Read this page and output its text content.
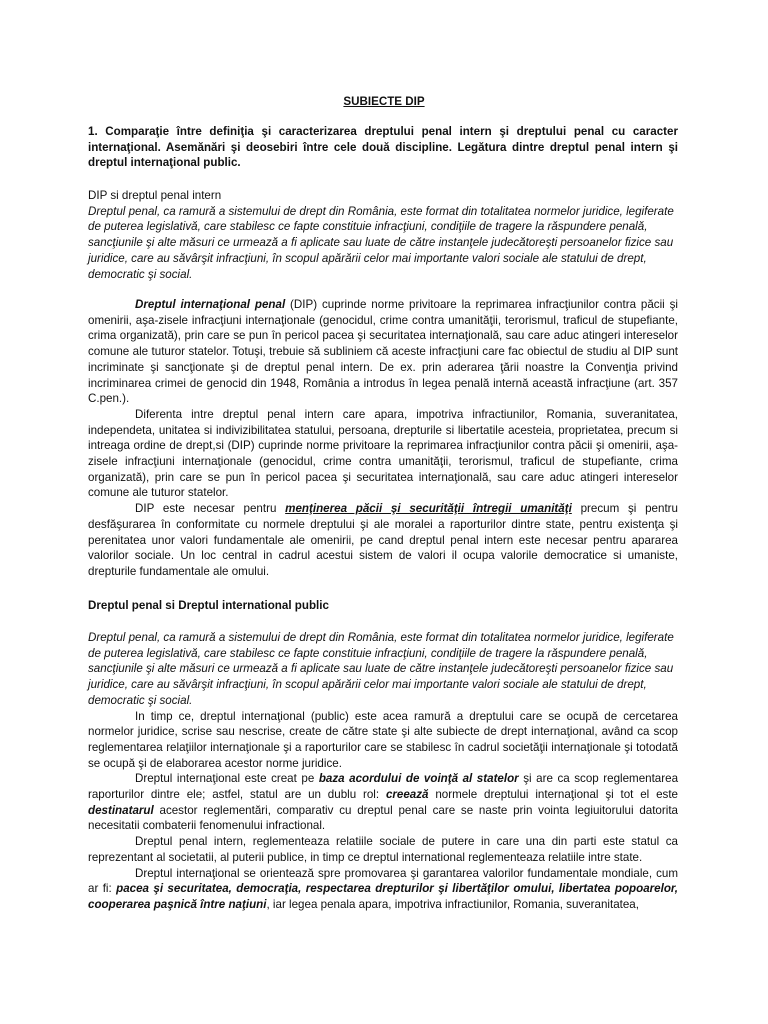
SUBIECTE DIP
1. Comparaţie între definiţia şi caracterizarea dreptului penal intern şi dreptului penal cu caracter internaţional. Asemănări şi deosebiri între cele două discipline. Legătura dintre dreptul penal intern şi dreptul internaţional public.

DIP si dreptul penal intern

Dreptul penal, ca ramură a sistemului de drept din România, este format din totalitatea normelor juridice, legiferate de puterea legislativă, care stabilesc ce fapte constituie infracţiuni, condiţiile de tragere la răspundere penală, sancţiunile şi alte măsuri ce urmează a fi aplicate sau luate de către instanţele judecătoreşti persoanelor fizice sau juridice, care au săvârşit infracţiuni, în scopul apărării celor mai importante valori sociale ale statului de drept, democratic şi social.

Dreptul internaţional penal (DIP) cuprinde norme privitoare la reprimarea infracţiunilor contra păcii şi omenirii, aşa-zisele infracţiuni internaţionale (genocidul, crime contra umanităţii, terorismul, traficul de stupefiante, crima organizată), prin care se pun în pericol pacea şi securitatea internaţională, sau care aduc atingeri intereselor comune ale tuturor statelor. Totuşi, trebuie să subliniem că aceste infracţiuni care fac obiectul de studiu al DIP sunt incriminate şi sancţionate şi de dreptul penal intern. De ex. prin aderarea ţării noastre la Convenţia privind incriminarea crimei de genocid din 1948, România a introdus în legea penală internă această infracţiune (art. 357 C.pen.).

Diferenta intre dreptul penal intern care apara, impotriva infractiunilor, Romania, suveranitatea, independeta, unitatea si indivizibilitatea statului, persoana, drepturile si libertatile acesteia, proprietatea, precum si intreaga ordine de drept,si (DIP) cuprinde norme privitoare la reprimarea infracţiunilor contra păcii şi omenirii, aşa-zisele infracţiuni internaţionale (genocidul, crime contra umanităţii, terorismul, traficul de stupefiante, crima organizată), prin care se pun în pericol pacea şi securitatea internaţională, sau care aduc atingeri intereselor comune ale tuturor statelor.

DIP este necesar pentru menţinerea păcii şi securităţii întregii umanităţi precum şi pentru desfăşurarea în conformitate cu normele dreptului şi ale moralei a raporturilor dintre state, pentru existenţa şi perenitatea unor valori fundamentale ale omenirii, pe cand dreptul penal intern este necesar pentru apararea valorilor sociale. Un loc central in cadrul acestui sistem de valori il ocupa valorile democratice si umaniste, drepturile fundamentale ale omului.

Dreptul penal si Dreptul international public

Dreptul penal, ca ramură a sistemului de drept din România, este format din totalitatea normelor juridice, legiferate de puterea legislativă, care stabilesc ce fapte constituie infracţiuni, condiţiile de tragere la răspundere penală, sancţiunile şi alte măsuri ce urmează a fi aplicate sau luate de către instanţele judecătoreşti persoanelor fizice sau juridice, care au săvârşit infracţiuni, în scopul apărării celor mai importante valori sociale ale statului de drept, democratic şi social.

In timp ce, dreptul internaţional (public) este acea ramură a dreptului care se ocupă de cercetarea normelor juridice, scrise sau nescrise, create de către state şi alte subiecte de drept internaţional, având ca scop reglementarea relaţiilor internaţionale şi a raporturilor care se stabilesc în cadrul societăţii internaţionale şi totodată se ocupă şi de elaborarea acestor norme juridice.

Dreptul internaţional este creat pe baza acordului de voinţă al statelor şi are ca scop reglementarea raporturilor dintre ele; astfel, statul are un dublu rol: creează normele dreptului internaţional şi tot el este destinatarul acestor reglementări, comparativ cu dreptul penal care se naste prin vointa legiuitorului datorita necesitatii combaterii fenomenului infractional.

Dreptul penal intern, reglementeaza relatiile sociale de putere in care una din parti este statul ca reprezentant al societatii, al puterii publice, in timp ce dreptul international reglementeaza relatiile intre state.

Dreptul internaţional se orientează spre promovarea şi garantarea valorilor fundamentale mondiale, cum ar fi: pacea şi securitatea, democraţia, respectarea drepturilor şi libertăţilor omului, libertatea popoarelor, cooperarea paşnică între naţiuni, iar legea penala apara, impotriva infractiunilor, Romania, suveranitatea,
